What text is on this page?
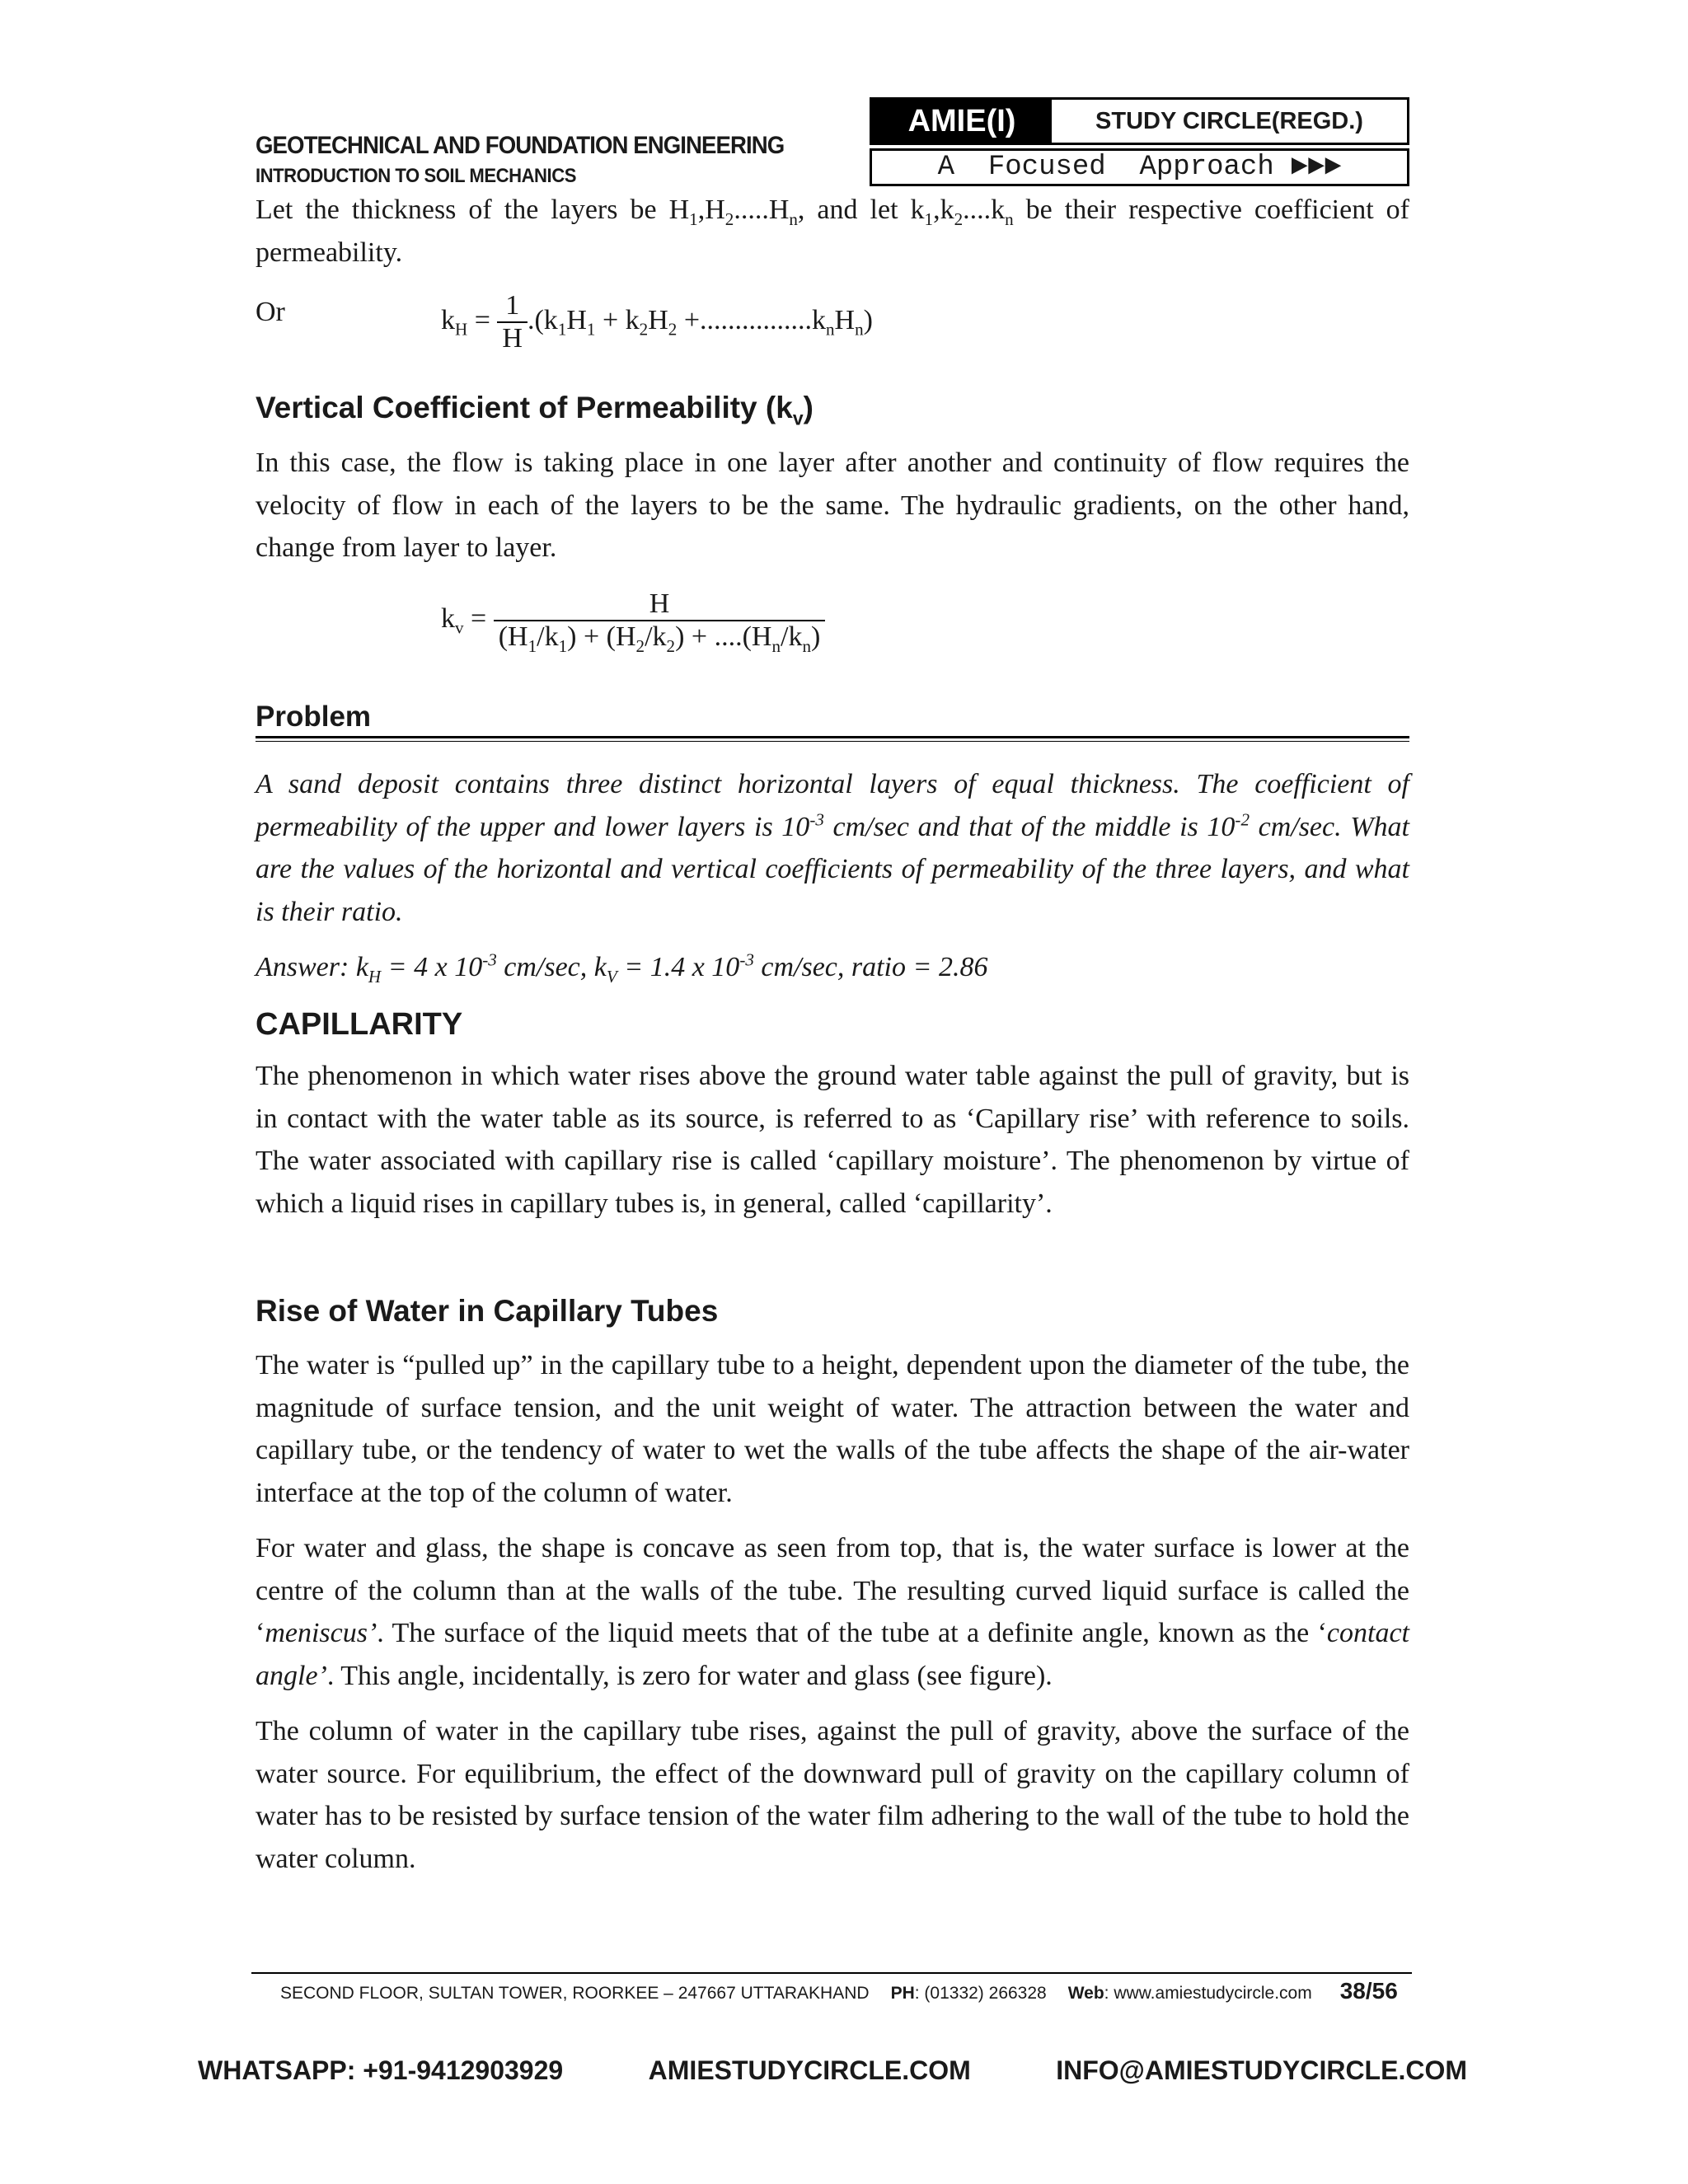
GEOTECHNICAL AND FOUNDATION ENGINEERING
INTRODUCTION TO SOIL MECHANICS
AMIE(I)	STUDY CIRCLE(REGD.)
A  Focused  Approach ►►►
Let the thickness of the layers be $H_1,H_2.....H_n$, and let $k_1,k_2....k_n$ be their respective coefficient of permeability.
Or	$k_H = \frac{1}{H} .(k_1H_1 + k_2H_2 +................k_nH_n)$
Vertical Coefficient of Permeability $(k_v)$
In this case, the flow is taking place in one layer after another and continuity of flow requires the velocity of flow in each of the layers to be the same. The hydraulic gradients, on the other hand, change from layer to layer.
$k_v = \frac{H}{(H_1/k_1) + (H_2/k_2) + ....(H_n/k_n)}$
Problem
A sand deposit contains three distinct horizontal layers of equal thickness. The coefficient of permeability of the upper and lower layers is $10^{-3}$ cm/sec and that of the middle is $10^{-2}$ cm/sec. What are the values of the horizontal and vertical coefficients of permeability of the three layers, and what is their ratio.
Answer: $k_H = 4$ x $10^{-3}$ cm/sec, $k_V = 1.4$ x $10^{-3}$ cm/sec, ratio = 2.86
CAPILLARITY
The phenomenon in which water rises above the ground water table against the pull of gravity, but is in contact with the water table as its source, is referred to as ‘Capillary rise’ with reference to soils. The water associated with capillary rise is called ‘capillary moisture’. The phenomenon by virtue of which a liquid rises in capillary tubes is, in general, called ‘capillarity’.
Rise of Water in Capillary Tubes
The water is “pulled up” in the capillary tube to a height, dependent upon the diameter of the tube, the magnitude of surface tension, and the unit weight of water. The attraction between the water and capillary tube, or the tendency of water to wet the walls of the tube affects the shape of the air-water interface at the top of the column of water.
For water and glass, the shape is concave as seen from top, that is, the water surface is lower at the centre of the column than at the walls of the tube. The resulting curved liquid surface is called the ‘meniscus’. The surface of the liquid meets that of the tube at a definite angle, known as the ‘contact angle’. This angle, incidentally, is zero for water and glass (see figure).
The column of water in the capillary tube rises, against the pull of gravity, above the surface of the water source. For equilibrium, the effect of the downward pull of gravity on the capillary column of water has to be resisted by surface tension of the water film adhering to the wall of the tube to hold the water column.
SECOND FLOOR, SULTAN TOWER, ROORKEE – 247667 UTTARAKHAND PH : (01332) 266328 Web : www.amiestudycircle.com 38/56
WHATSAPP: +91-9412903929	AMIESTUDYCIRCLE.COM	INFO@AMIESTUDYCIRCLE.COM
